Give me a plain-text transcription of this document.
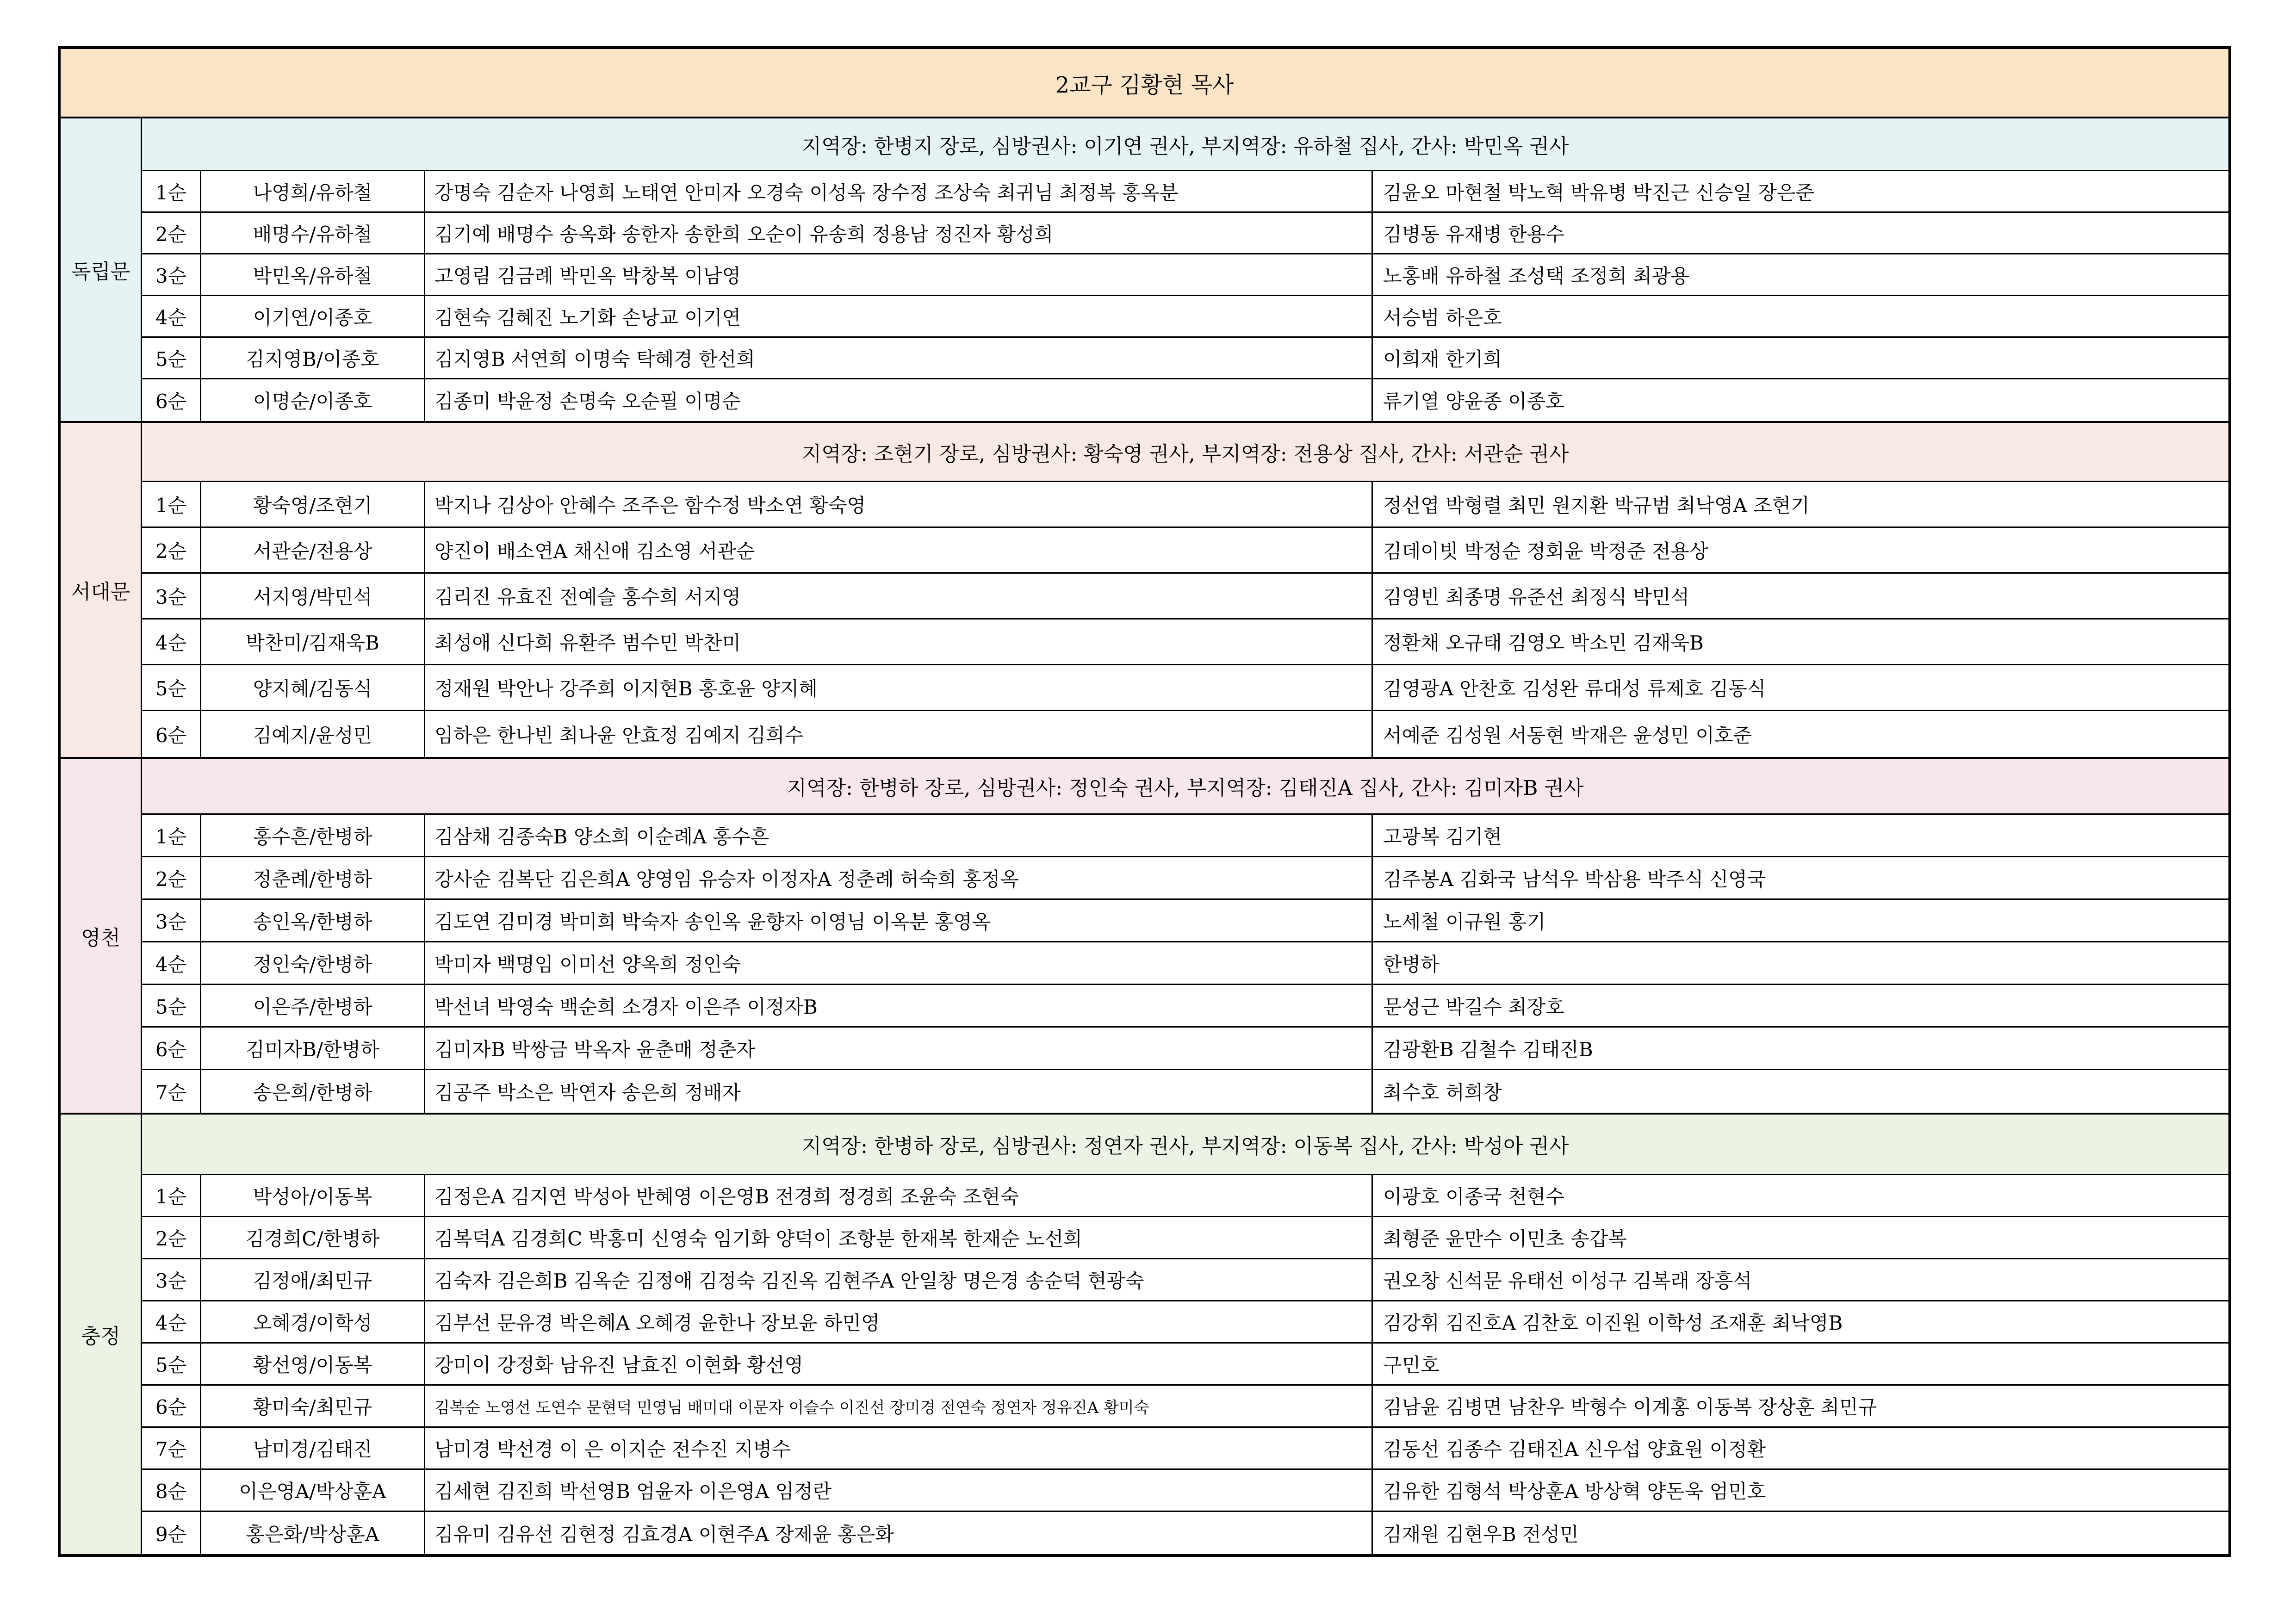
2교구 김황현 목사
독립문
지역장: 한병지 장로, 심방권사: 이기연 권사, 부지역장: 유하철 집사, 간사: 박민옥 권사
1순	나영희/유하철	강명숙 김순자 나영희 노태연 안미자 오경숙 이성옥 장수정 조상숙 최귀님 최정복 홍옥분	김윤오 마현철 박노혁 박유병 박진근 신승일 장은준
2순	배명수/유하철	김기예 배명수 송옥화 송한자 송한희 오순이 유송희 정용남 정진자 황성희	김병동 유재병 한용수
3순	박민옥/유하철	고영림 김금례 박민옥 박창복 이남영	노홍배 유하철 조성택 조정희 최광용
4순	이기연/이종호	김현숙 김혜진 노기화 손낭교 이기연	서승범 하은호
5순	김지영B/이종호	김지영B 서연희 이명숙 탁혜경 한선희	이희재 한기희
6순	이명순/이종호	김종미 박윤정 손명숙 오순필 이명순	류기열 양윤종 이종호
서대문
지역장: 조현기 장로, 심방권사: 황숙영 권사, 부지역장: 전용상 집사, 간사: 서관순 권사
1순	황숙영/조현기	박지나 김상아 안혜수 조주은 함수정 박소연 황숙영	정선엽 박형렬 최민 원지환 박규범 최낙영A 조현기
2순	서관순/전용상	양진이 배소연A 채신애 김소영 서관순	김데이빗 박정순 정회윤 박정준 전용상
3순	서지영/박민석	김리진 유효진 전예슬 홍수희 서지영	김영빈 최종명 유준선 최정식 박민석
4순	박찬미/김재욱B	최성애 신다희 유환주 범수민 박찬미	정환채 오규태 김영오 박소민 김재욱B
5순	양지혜/김동식	정재원 박안나 강주희 이지현B 홍호윤 양지혜	김영광A 안찬호 김성완 류대성 류제호 김동식
6순	김예지/윤성민	임하은 한나빈 최나윤 안효정 김예지 김희수	서예준 김성원 서동현 박재은 윤성민 이호준
영천
지역장: 한병하 장로, 심방권사: 정인숙 권사, 부지역장: 김태진A 집사, 간사: 김미자B 권사
1순	홍수흔/한병하	김삼채 김종숙B 양소희 이순례A 홍수흔	고광복 김기현
2순	정춘례/한병하	강사순 김복단 김은희A 양영임 유승자 이정자A 정춘례 허숙희 홍정옥	김주봉A 김화국 남석우 박삼용 박주식 신영국
3순	송인옥/한병하	김도연 김미경 박미희 박숙자 송인옥 윤향자 이영님 이옥분 홍영옥	노세철 이규원 홍기
4순	정인숙/한병하	박미자 백명임 이미선 양옥희 정인숙	한병하
5순	이은주/한병하	박선녀 박영숙 백순희 소경자 이은주 이정자B	문성근 박길수 최장호
6순	김미자B/한병하	김미자B 박쌍금 박옥자 윤춘매 정춘자	김광환B 김철수 김태진B
7순	송은희/한병하	김공주 박소은 박연자 송은희 정배자	최수호 허희창
충정
지역장: 한병하 장로, 심방권사: 정연자 권사, 부지역장: 이동복 집사, 간사: 박성아 권사
1순	박성아/이동복	김정은A 김지연 박성아 반혜영 이은영B 전경희 정경희 조윤숙 조현숙	이광호 이종국 천현수
2순	김경희C/한병하	김복덕A 김경희C 박홍미 신영숙 임기화 양덕이 조항분 한재복 한재순 노선희	최형준 윤만수 이민초 송갑복
3순	김정애/최민규	김숙자 김은희B 김옥순 김정애 김정숙 김진옥 김현주A 안일창 명은경 송순덕 현광숙	권오창 신석문 유태선 이성구 김복래 장흥석
4순	오혜경/이학성	김부선 문유경 박은혜A 오혜경 윤한나 장보윤 하민영	김강휘 김진호A 김찬호 이진원 이학성 조재훈 최낙영B
5순	황선영/이동복	강미이 강정화 남유진 남효진 이현화 황선영	구민호
6순	황미숙/최민규	김복순 노영선 도연수 문현덕 민영님 배미대 이문자 이슬수 이진선 장미경 전연숙 정연자 정유진A 황미숙	김남윤 김병면 남찬우 박형수 이계홍 이동복 장상훈 최민규
7순	남미경/김태진	남미경 박선경 이 은 이지순 전수진 지병수	김동선 김종수 김태진A 신우섭 양효원 이정환
8순	이은영A/박상훈A	김세현 김진희 박선영B 엄윤자 이은영A 임정란	김유한 김형석 박상훈A 방상혁 양돈욱 엄민호
9순	홍은화/박상훈A	김유미 김유선 김현정 김효경A 이현주A 장제윤 홍은화	김재원 김현우B 전성민
